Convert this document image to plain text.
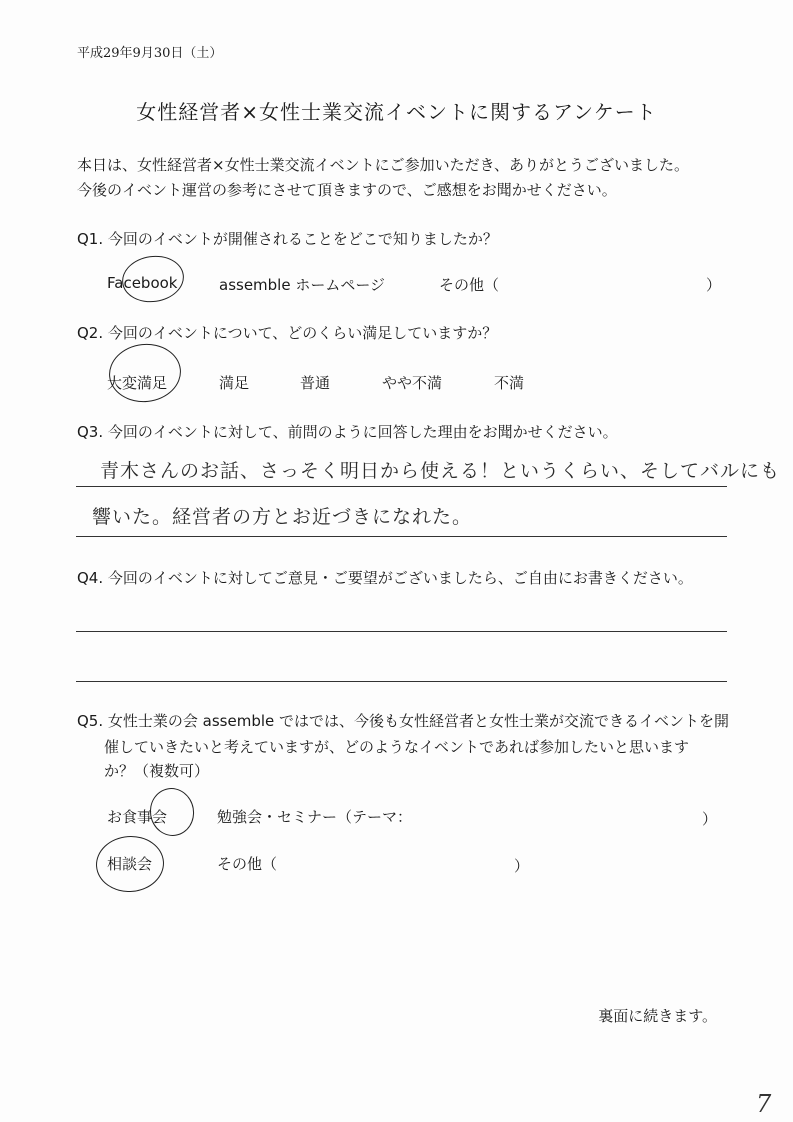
平成29年9月30日（土）
女性経営者×女性士業交流イベントに関するアンケート
本日は、女性経営者×女性士業交流イベントにご参加いただき、ありがとうございました。
今後のイベント運営の参考にさせて頂きますので、ご感想をお聞かせください。
Q1. 今回のイベントが開催されることをどこで知りましたか？
Facebook	assemble ホームページ	その他（	）
Q2. 今回のイベントについて、どのくらい満足していますか？
大変満足	満足	普通	やや不満	不満
Q3. 今回のイベントに対して、前問のように回答した理由をお聞かせください。
青木さんのお話、さっそく明日から使える！というくらい、そしてバルにも
響いた。経営者の方とお近づきになれた。
Q4. 今回のイベントに対してご意見・ご要望がございましたら、ご自由にお書きください。
Q5. 女性士業の会 assemble ではでは、今後も女性経営者と女性士業が交流できるイベントを開
催していきたいと考えていますが、どのようなイベントであれば参加したいと思います
か？（複数可）
お食事会	勉強会・セミナー（テーマ：	）
相談会	その他（	）
裏面に続きます。
7
